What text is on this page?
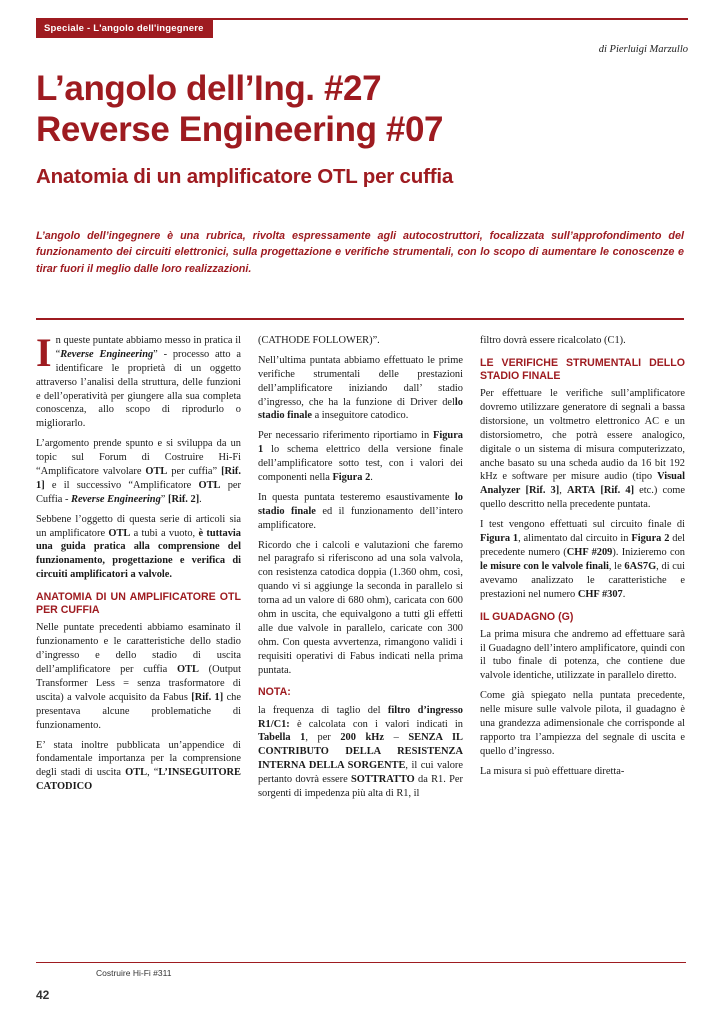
Speciale - L'angolo dell'ingegnere
di Pierluigi Marzullo
L’angolo dell’Ing. #27
Reverse Engineering #07
Anatomia di un amplificatore OTL per cuffia
L’angolo dell’ingegnere è una rubrica, rivolta espressamente agli autocostruttori, focalizzata sull’approfondimento del funzionamento dei circuiti elettronici, sulla progettazione e verifiche strumentali, con lo scopo di aumentare le conoscenze e tirar fuori il meglio dalle loro realizzazioni.

In queste puntate abbiamo messo in pratica il “Reverse Engineering” - processo atto a identificare le proprietà di un oggetto attraverso l’analisi della struttura, delle funzioni e dell’operatività per giungere alla sua completa conoscenza, allo scopo di riprodurlo o migliorarlo.

L’argomento prende spunto e si sviluppa da un topic sul Forum di Costruire Hi-Fi “Amplificatore valvolare OTL per cuffia” [Rif. 1] e il successivo “Amplificatore OTL per Cuffia - Reverse Engineering” [Rif. 2].

Sebbene l’oggetto di questa serie di articoli sia un amplificatore OTL a tubi a vuoto, è tuttavia una guida pratica alla comprensione del funzionamento, progettazione e verifica di circuiti amplificatori a valvole.

ANATOMIA DI UN AMPLIFICATORE OTL PER CUFFIA

Nelle puntate precedenti abbiamo esaminato il funzionamento e le caratteristiche dello stadio d’ingresso e dello stadio di uscita dell’amplificatore per cuffia OTL (Output Transformer Less = senza trasformatore di uscita) a valvole acquisito da Fabus [Rif. 1] che presentava alcune problematiche di funzionamento.

E’ stata inoltre pubblicata un’appendice di fondamentale importanza per la comprensione degli stadi di uscita OTL, “L’INSEGUITORE CATODICO

(CATHODE FOLLOWER)”.

Nell’ultima puntata abbiamo effettuato le prime verifiche strumentali delle prestazioni dell’amplificatore iniziando dall’ stadio d’ingresso, che ha la funzione di Driver dello stadio finale a inseguitore catodico.

Per necessario riferimento riportiamo in Figura 1 lo schema elettrico della versione finale dell’amplificatore sotto test, con i valori dei componenti nella Figura 2.

In questa puntata testeremo esaustivamente lo stadio finale ed il funzionamento dell’intero amplificatore.

Ricordo che i calcoli e valutazioni che faremo nel paragrafo si riferiscono ad una sola valvola, con resistenza catodica doppia (1.360 ohm, così, quando vi si aggiunge la seconda in parallelo si torna ad un valore di 680 ohm), caricata con 600 ohm in uscita, che equivalgono a tutti gli effetti alle due valvole in parallelo, caricate con 300 ohm. Con questa avvertenza, rimangono validi i requisiti operativi di Fabus indicati nella prima puntata.

NOTA:

la frequenza di taglio del filtro d’ingresso R1/C1: è calcolata con i valori indicati in Tabella 1, per 200 kHz – SENZA IL CONTRIBUTO DELLA RESISTENZA INTERNA DELLA SORGENTE, il cui valore pertanto dovrà essere SOTTRATTO da R1. Per sorgenti di impedenza più alta di R1, il

filtro dovrà essere ricalcolato (C1).

LE VERIFICHE STRUMENTALI DELLO STADIO FINALE

Per effettuare le verifiche sull’amplificatore dovremo utilizzare generatore di segnali a bassa distorsione, un voltmetro elettronico AC e un distorsiometro, che potrà essere analogico, digitale o un sistema di misura computerizzato, anche basato su una scheda audio da 16 bit 192 kHz e software per misure audio (tipo Visual Analyzer [Rif. 3], ARTA [Rif. 4] etc.) come quello descritto nella precedente puntata.

I test vengono effettuati sul circuito finale di Figura 1, alimentato dal circuito in Figura 2 del precedente numero (CHF #209). Inizieremo con le misure con le valvole finali, le 6AS7G, di cui avevamo analizzato le caratteristiche e prestazioni nel numero CHF #307.

IL GUADAGNO (G)

La prima misura che andremo ad effettuare sarà il Guadagno dell’intero amplificatore, quindi con il tubo finale di potenza, che contiene due valvole identiche, utilizzate in parallelo diretto.

Come già spiegato nella puntata precedente, nelle misure sulle valvole pilota, il guadagno è una grandezza adimensionale che corrisponde al rapporto tra l’ampiezza del segnale di uscita e quello d’ingresso.

La misura si può effettuare diretta-

Costruire Hi-Fi #311
42
